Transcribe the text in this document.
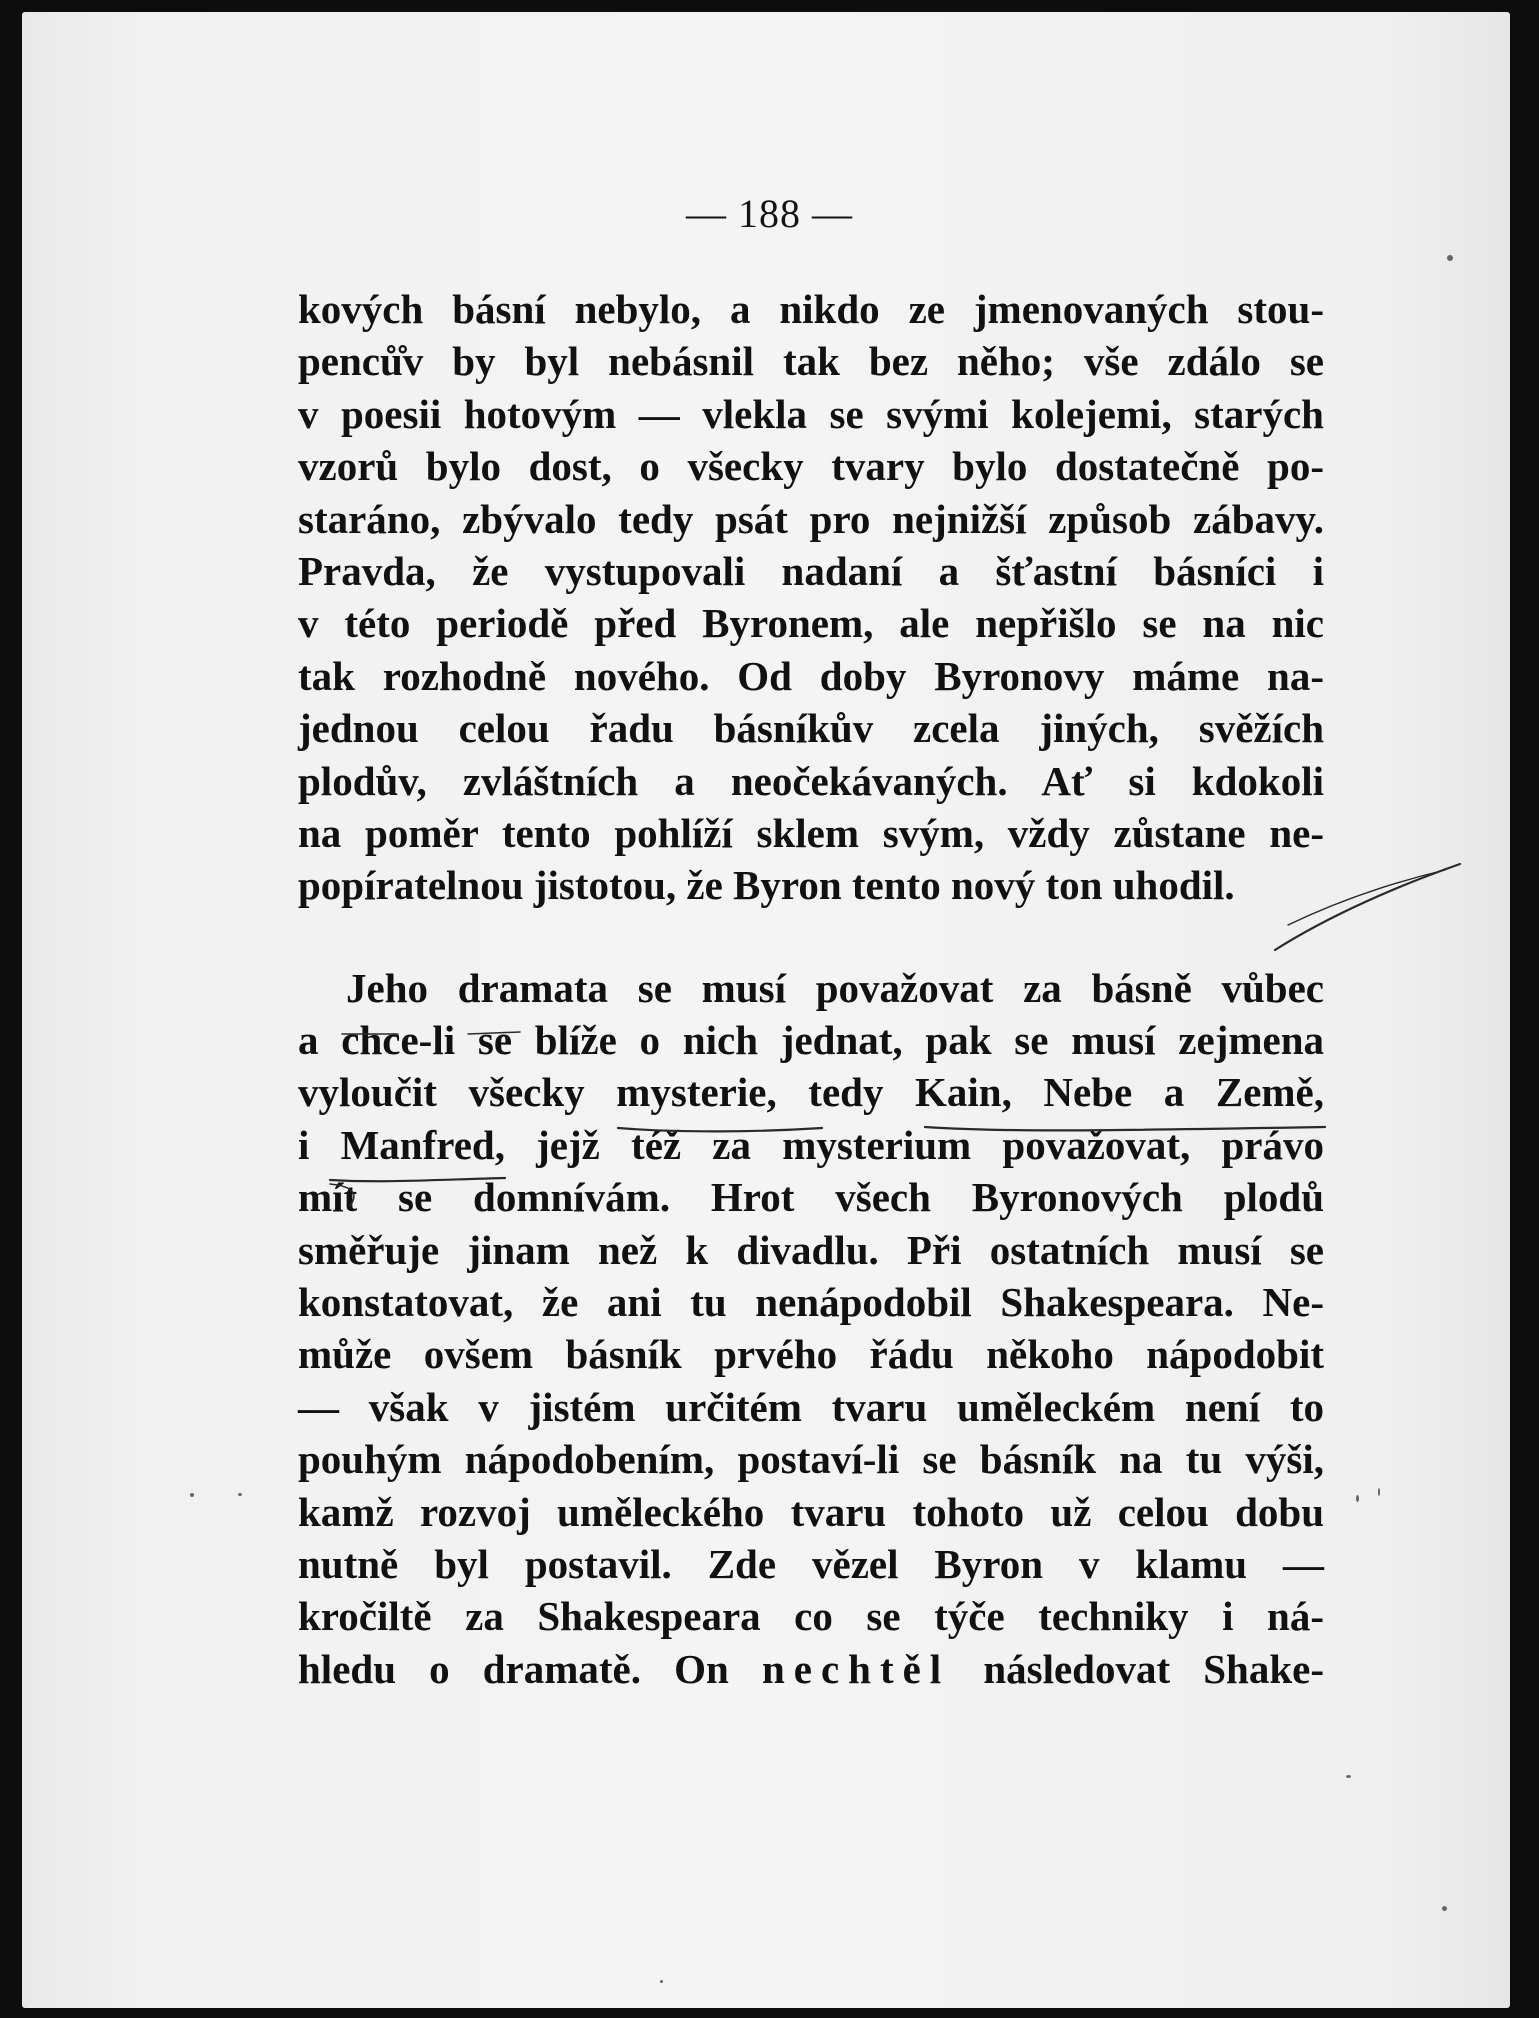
— 188 —
kových básní nebylo, a nikdo ze jmenovaných stou-
penců̊v by byl nebásnil tak bez něho; vše zdálo se
v poesii hotovým — vlekla se svými kolejemi, starých
vzorů bylo dost, o všecky tvary bylo dostatečně po-
staráno, zbývalo tedy psát pro nejnižší způsob zábavy.
Pravda, že vystupovali nadaní a šťastní básníci i
v této periodě před Byronem, ale nepřišlo se na nic
tak rozhodně nového. Od doby Byronovy máme na-
jednou celou řadu básníkův zcela jiných, svěžích
plodův, zvláštních a neočekávaných. Ať si kdokoli
na poměr tento pohlíží sklem svým, vždy zůstane ne-
popíratelnou jistotou, že Byron tento nový ton uhodil.
Jeho dramata se musí považovat za básně vůbec
a chce-li se blíže o nich jednat, pak se musí zejmena
vyloučit všecky mysterie, tedy Kain, Nebe a Země,
i Manfred, jejž též za mysterium považovat, právo
mít se domnívám. Hrot všech Byronových plodů
směřuje jinam než k divadlu. Při ostatních musí se
konstatovat, že ani tu nenápodobil Shakespeara. Ne-
může ovšem básník prvého řádu někoho nápodobit
— však v jistém určitém tvaru uměleckém není to
pouhým nápodobením, postaví-li se básník na tu výši,
kamž rozvoj uměleckého tvaru tohoto už celou dobu
nutně byl postavil. Zde vězel Byron v klamu —
kročiltě za Shakespeara co se týče techniky i ná-
hledu o dramatě. On nechtěl následovat Shake-
